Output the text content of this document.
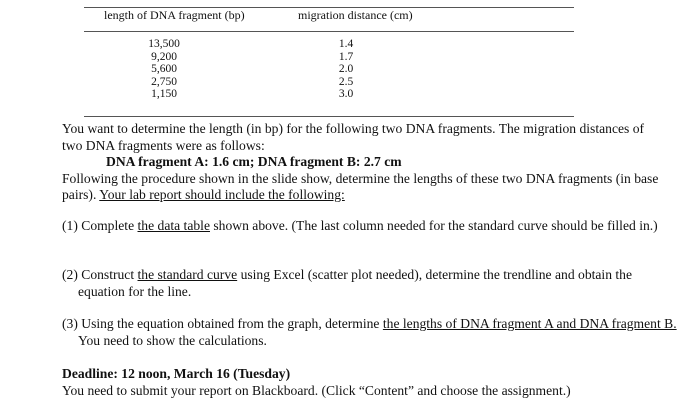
length of DNA fragment (bp)	migration distance (cm)
13,500
9,200
5,600
2,750
1,150
1.4
1.7
2.0
2.5
3.0
You want to determine the length (in bp) for the following two DNA fragments. The migration distances of two DNA fragments were as follows:
DNA fragment A: 1.6 cm; DNA fragment B: 2.7 cm
Following the procedure shown in the slide show, determine the lengths of these two DNA fragments (in base pairs). Your lab report should include the following:
(1) Complete the data table shown above. (The last column needed for the standard curve should be filled in.)
(2) Construct the standard curve using Excel (scatter plot needed), determine the trendline and obtain the equation for the line.
(3) Using the equation obtained from the graph, determine the lengths of DNA fragment A and DNA fragment B. You need to show the calculations.
Deadline: 12 noon, March 16 (Tuesday)
You need to submit your report on Blackboard. (Click “Content” and choose the assignment.)
